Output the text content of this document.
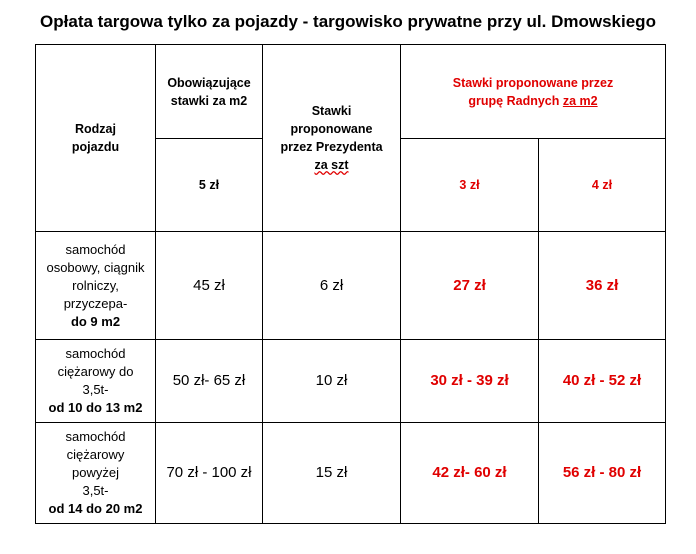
Opłata targowa tylko za pojazdy - targowisko prywatne przy ul. Dmowskiego
Rodzaj
pojazdu	Obowiązujące
stawki za m2	Stawki
proponowane
przez Prezydenta
za szt	Stawki proponowane przez
grupę Radnych za m2	

	5 zł		3 zł	4 zł

samochód
osobowy, ciągnik
rolniczy,
przyczepa-
do 9 m2	45 zł	6 zł	27 zł	36 zł

samochód
ciężarowy do
3,5t-
od 10 do 13 m2	50 zł- 65 zł	10 zł	30 zł - 39 zł	40 zł - 52 zł

samochód
ciężarowy
powyżej
3,5t-
od 14 do 20 m2	70 zł - 100 zł	15 zł	42 zł- 60 zł	56 zł - 80 zł
